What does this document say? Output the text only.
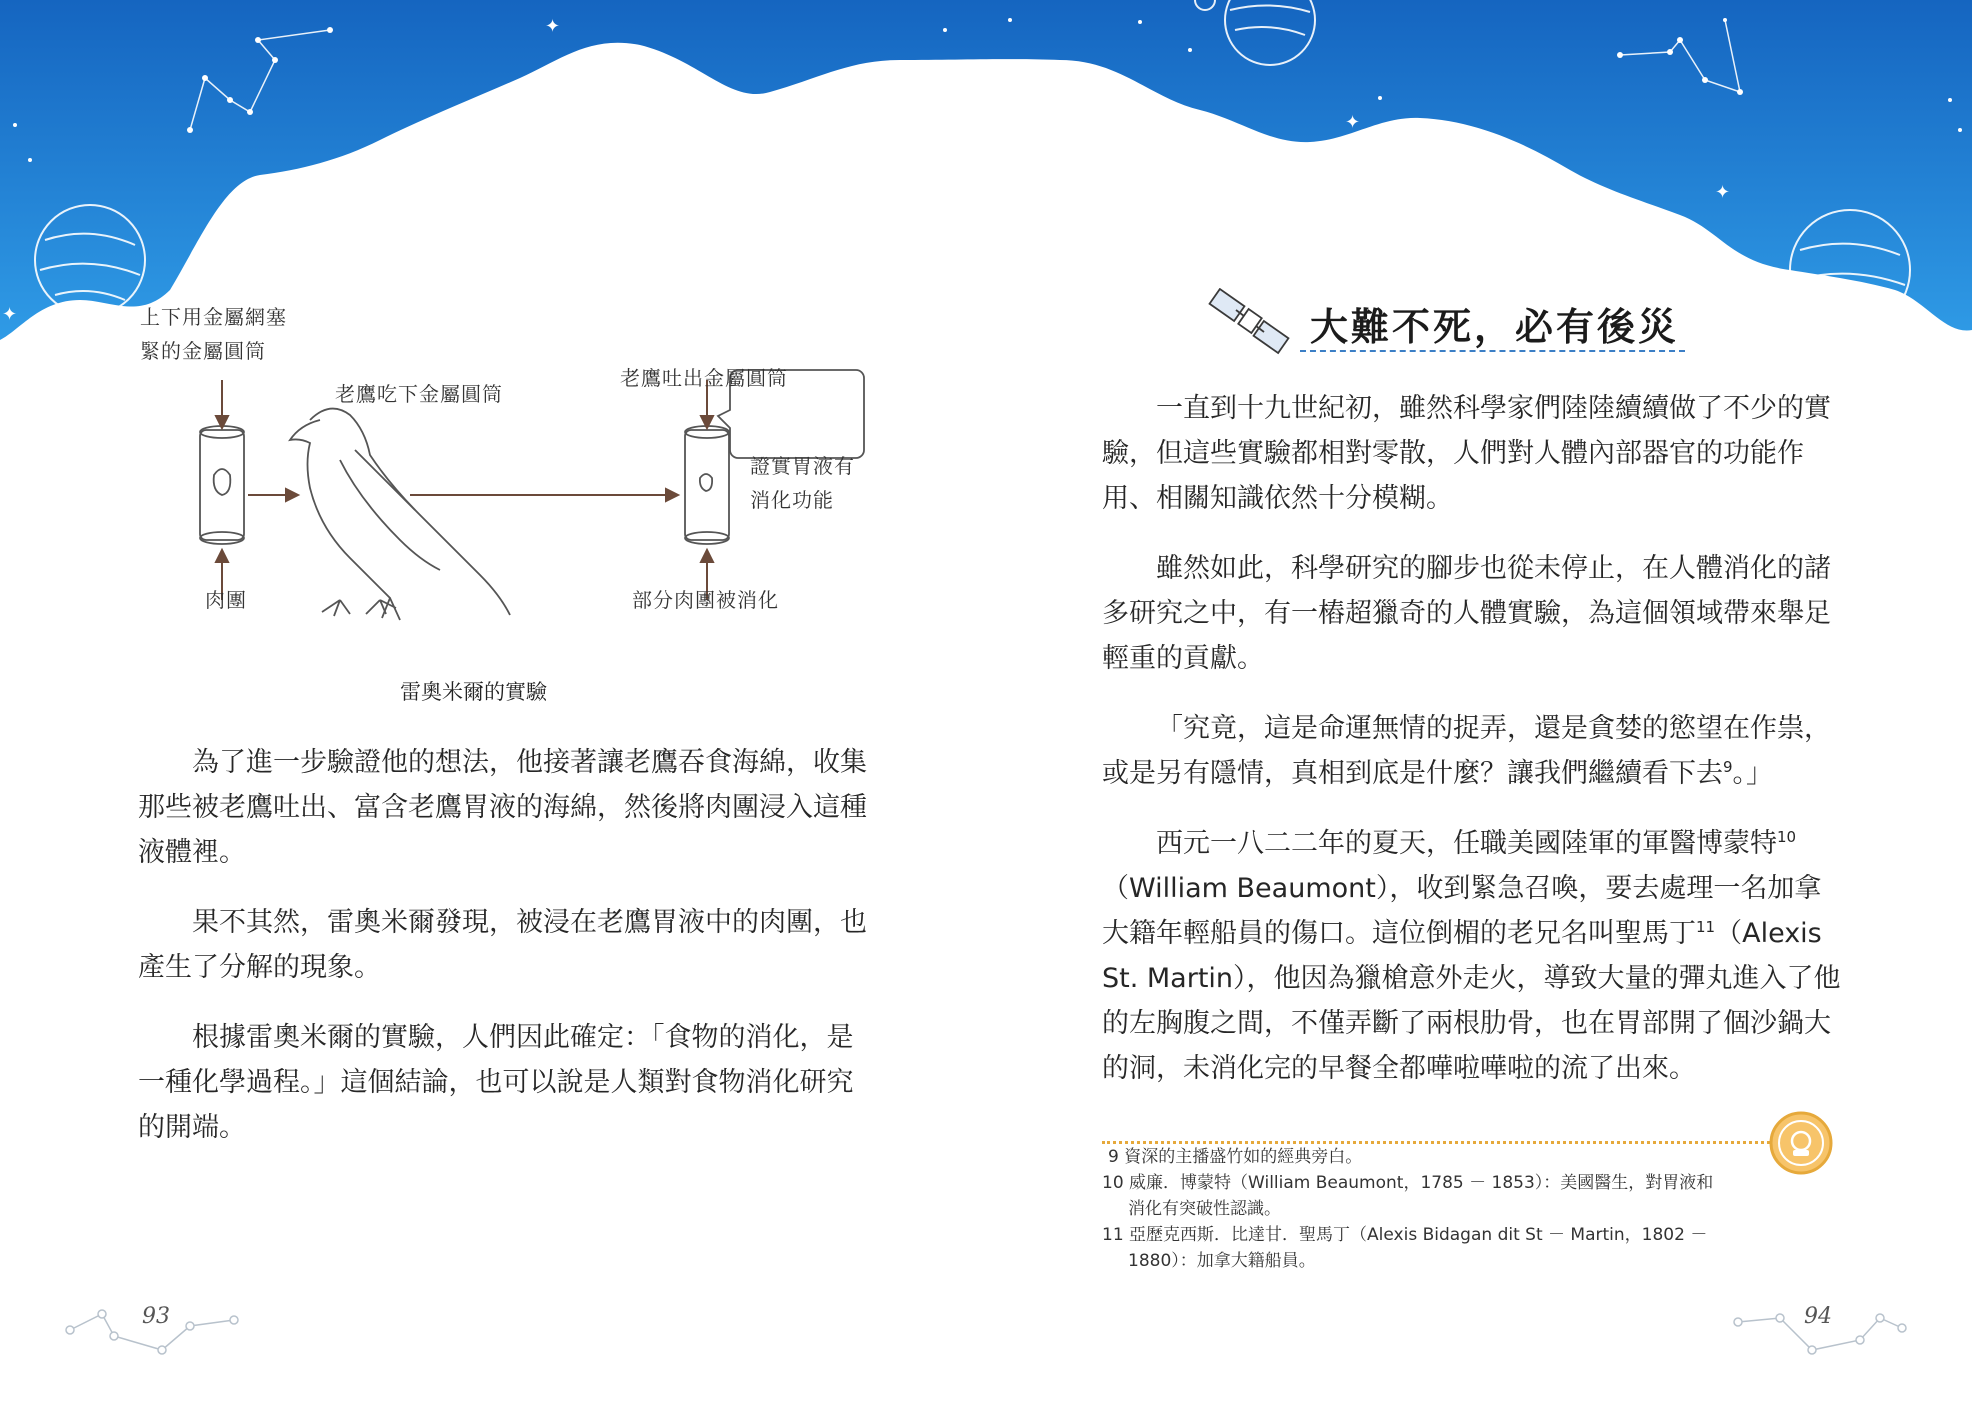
✦	✦
✦
✦
✦
✦
上下用金屬網塞
緊的金屬圓筒
老鷹吃下金屬圓筒
老鷹吐出金屬圓筒
證實胃液有
消化功能
肉團	部分肉團被消化
雷奧米爾的實驗

為了進一步驗證他的想法，他接著讓老鷹吞食海綿，收集那些被老鷹吐出、富含老鷹胃液的海綿，然後將肉團浸入這種液體裡。

果不其然，雷奧米爾發現，被浸在老鷹胃液中的肉團，也產生了分解的現象。

根據雷奧米爾的實驗，人們因此確定：「食物的消化，是一種化學過程。」這個結論，也可以說是人類對食物消化研究的開端。

大難不死，必有後災

一直到十九世紀初，雖然科學家們陸陸續續做了不少的實驗，但這些實驗都相對零散，人們對人體內部器官的功能作用、相關知識依然十分模糊。

雖然如此，科學研究的腳步也從未停止，在人體消化的諸多研究之中，有一樁超獵奇的人體實驗，為這個領域帶來舉足輕重的貢獻。

「究竟，這是命運無情的捉弄，還是貪婪的慾望在作祟，或是另有隱情，真相到底是什麼？讓我們繼續看下去$^9$。」

西元一八二二年的夏天，任職美國陸軍的軍醫博蒙特$^{10}$（William Beaumont），收到緊急召喚，要去處理一名加拿大籍年輕船員的傷口。這位倒楣的老兄名叫聖馬丁$^{11}$（Alexis St. Martin），他因為獵槍意外走火，導致大量的彈丸進入了他的左胸腹之間，不僅弄斷了兩根肋骨，也在胃部開了個沙鍋大的洞，未消化完的早餐全都嘩啦嘩啦的流了出來。

9 資深的主播盛竹如的經典旁白。
10 威廉．博蒙特（William Beaumont，1785 － 1853）：美國醫生，對胃液和
消化有突破性認識。
11 亞歷克西斯．比達甘．聖馬丁（Alexis Bidagan dit St － Martin，1802 －
1880）：加拿大籍船員。
93	94
